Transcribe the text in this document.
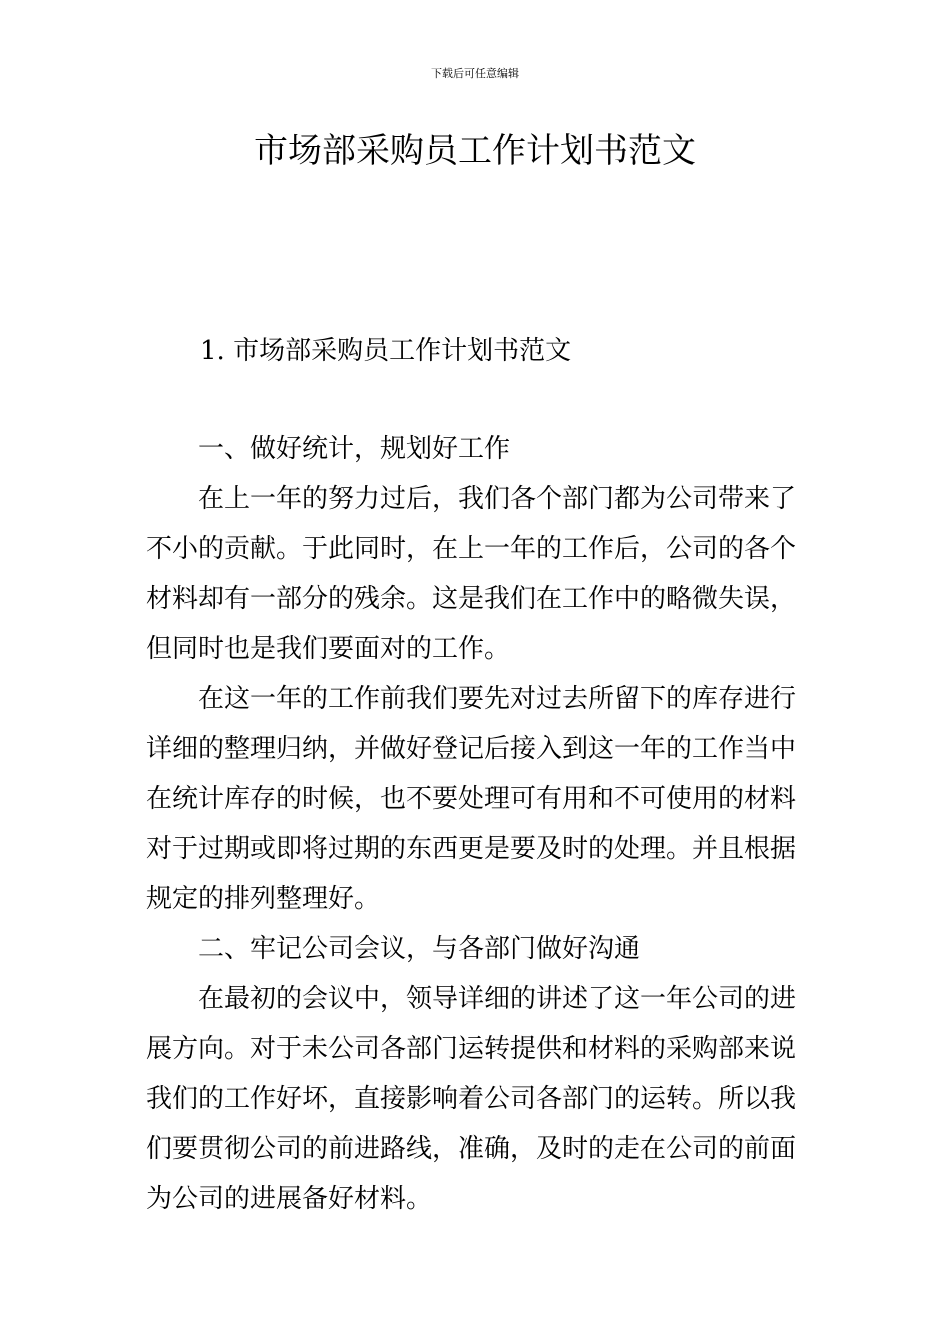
下载后可任意编辑
市场部采购员工作计划书范文
1. 市场部采购员工作计划书范文
一、做好统计，规划好工作
在上一年的努力过后，我们各个部门都为公司带来了
不小的贡献。于此同时，在上一年的工作后，公司的各个
材料却有一部分的残余。这是我们在工作中的略微失误，
但同时也是我们要面对的工作。
在这一年的工作前我们要先对过去所留下的库存进行
详细的整理归纳，并做好登记后接入到这一年的工作当中
在统计库存的时候，也不要处理可有用和不可使用的材料
对于过期或即将过期的东西更是要及时的处理。并且根据
规定的排列整理好。
二、牢记公司会议，与各部门做好沟通
在最初的会议中，领导详细的讲述了这一年公司的进
展方向。对于未公司各部门运转提供和材料的采购部来说
我们的工作好坏，直接影响着公司各部门的运转。所以我
们要贯彻公司的前进路线，准确，及时的走在公司的前面
为公司的进展备好材料。
